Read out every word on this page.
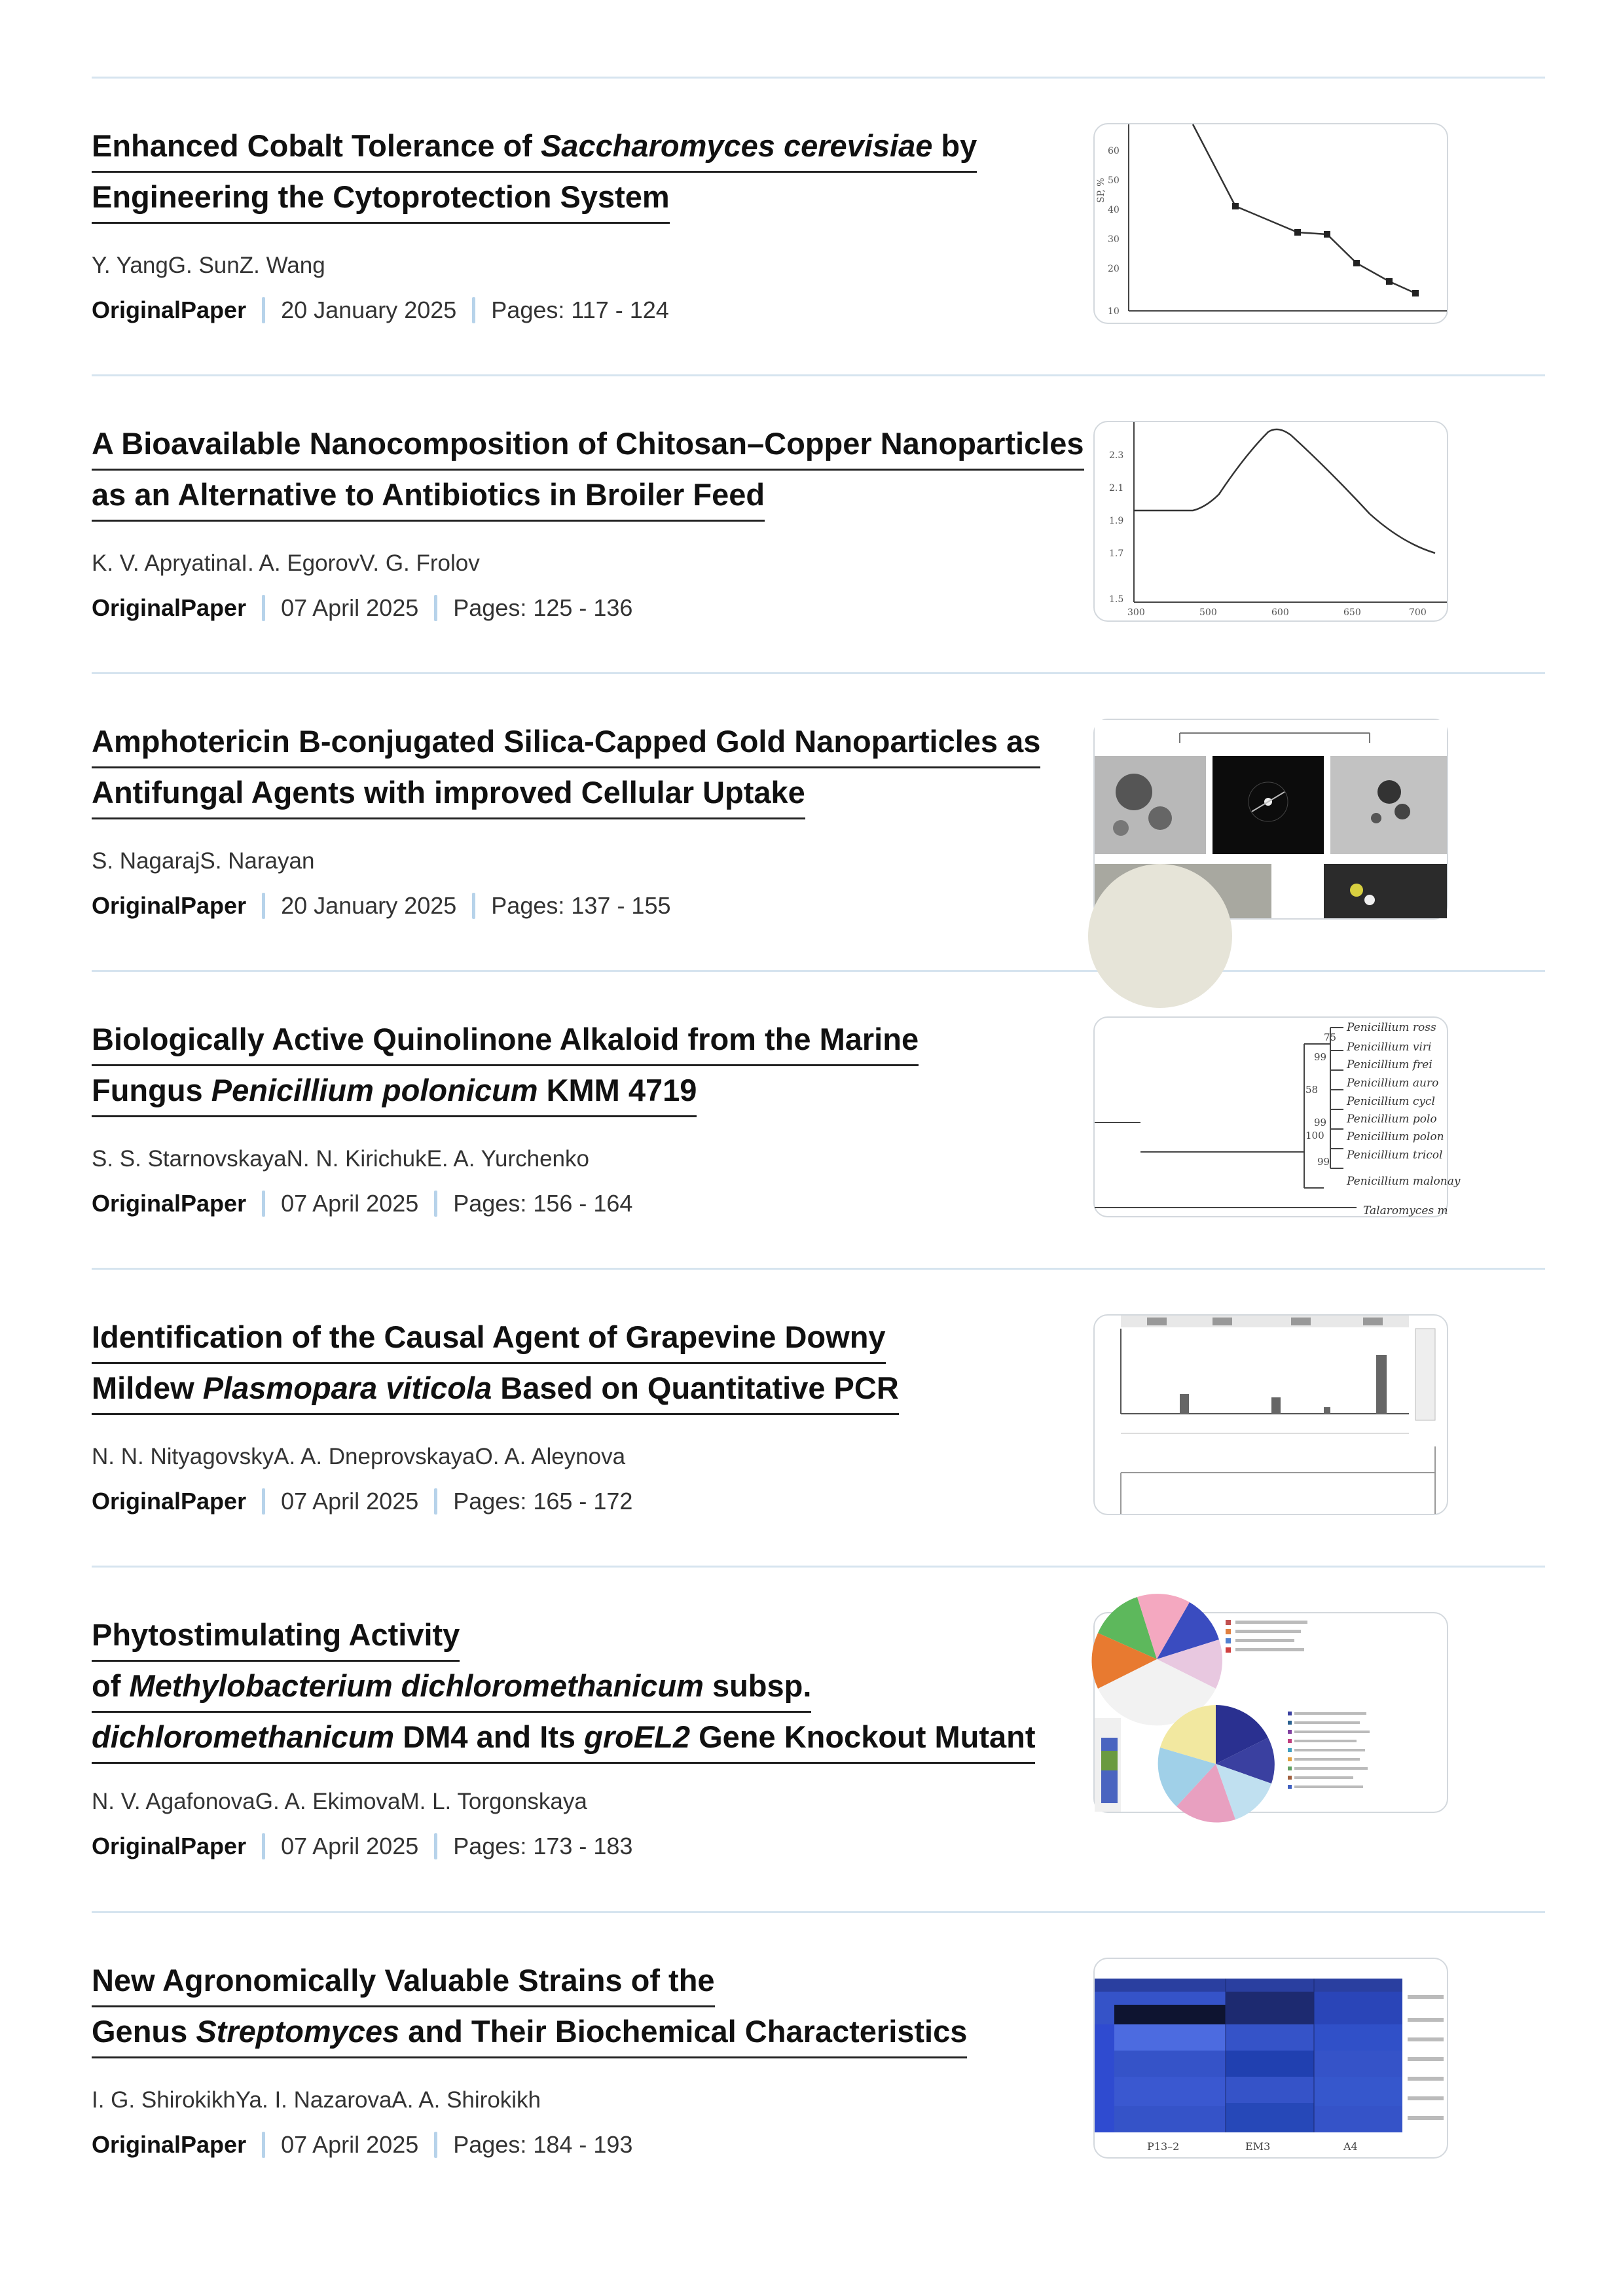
Enhanced Cobalt Tolerance of Saccharomyces cerevisiae by
Engineering the Cytoprotection System
Y. YangG. SunZ. Wang
OriginalPaper 20 January 2025 Pages: 117 - 124
60
50
40
30
20
10
SP, %
A Bioavailable Nanocomposition of Chitosan–Copper Nanoparticles
as an Alternative to Antibiotics in Broiler Feed
K. V. ApryatinaI. A. EgorovV. G. Frolov
OriginalPaper 07 April 2025 Pages: 125 - 136
2.3
2.1
1.9
1.7
1.5
300	500	600	650	700
Amphotericin B-conjugated Silica-Capped Gold Nanoparticles as
Antifungal Agents with improved Cellular Uptake
S. NagarajS. Narayan
OriginalPaper 20 January 2025 Pages: 137 - 155
Biologically Active Quinolinone Alkaloid from the Marine
Fungus Penicillium polonicum KMM 4719
S. S. StarnovskayaN. N. KirichukE. A. Yurchenko
OriginalPaper 07 April 2025 Pages: 156 - 164
Penicillium ross
Penicillium viri
Penicillium frei
Penicillium auro
Penicillium cycl
Penicillium polo
Penicillium polon
Penicillium tricol
Penicillium malonay
Talaromyces m
75
99
58
99
100
99
Identification of the Causal Agent of Grapevine Downy
Mildew Plasmopara viticola Based on Quantitative PCR
N. N. NityagovskyA. A. DneprovskayaO. A. Aleynova
OriginalPaper 07 April 2025 Pages: 165 - 172
Phytostimulating Activity
of Methylobacterium dichloromethanicum subsp.
dichloromethanicum DM4 and Its groEL2 Gene Knockout Mutant
N. V. AgafonovaG. A. EkimovaM. L. Torgonskaya
OriginalPaper 07 April 2025 Pages: 173 - 183
New Agronomically Valuable Strains of the
Genus Streptomyces and Their Biochemical Characteristics
I. G. ShirokikhYa. I. NazarovaA. A. Shirokikh
OriginalPaper 07 April 2025 Pages: 184 - 193	P13–2	EM3	A4
